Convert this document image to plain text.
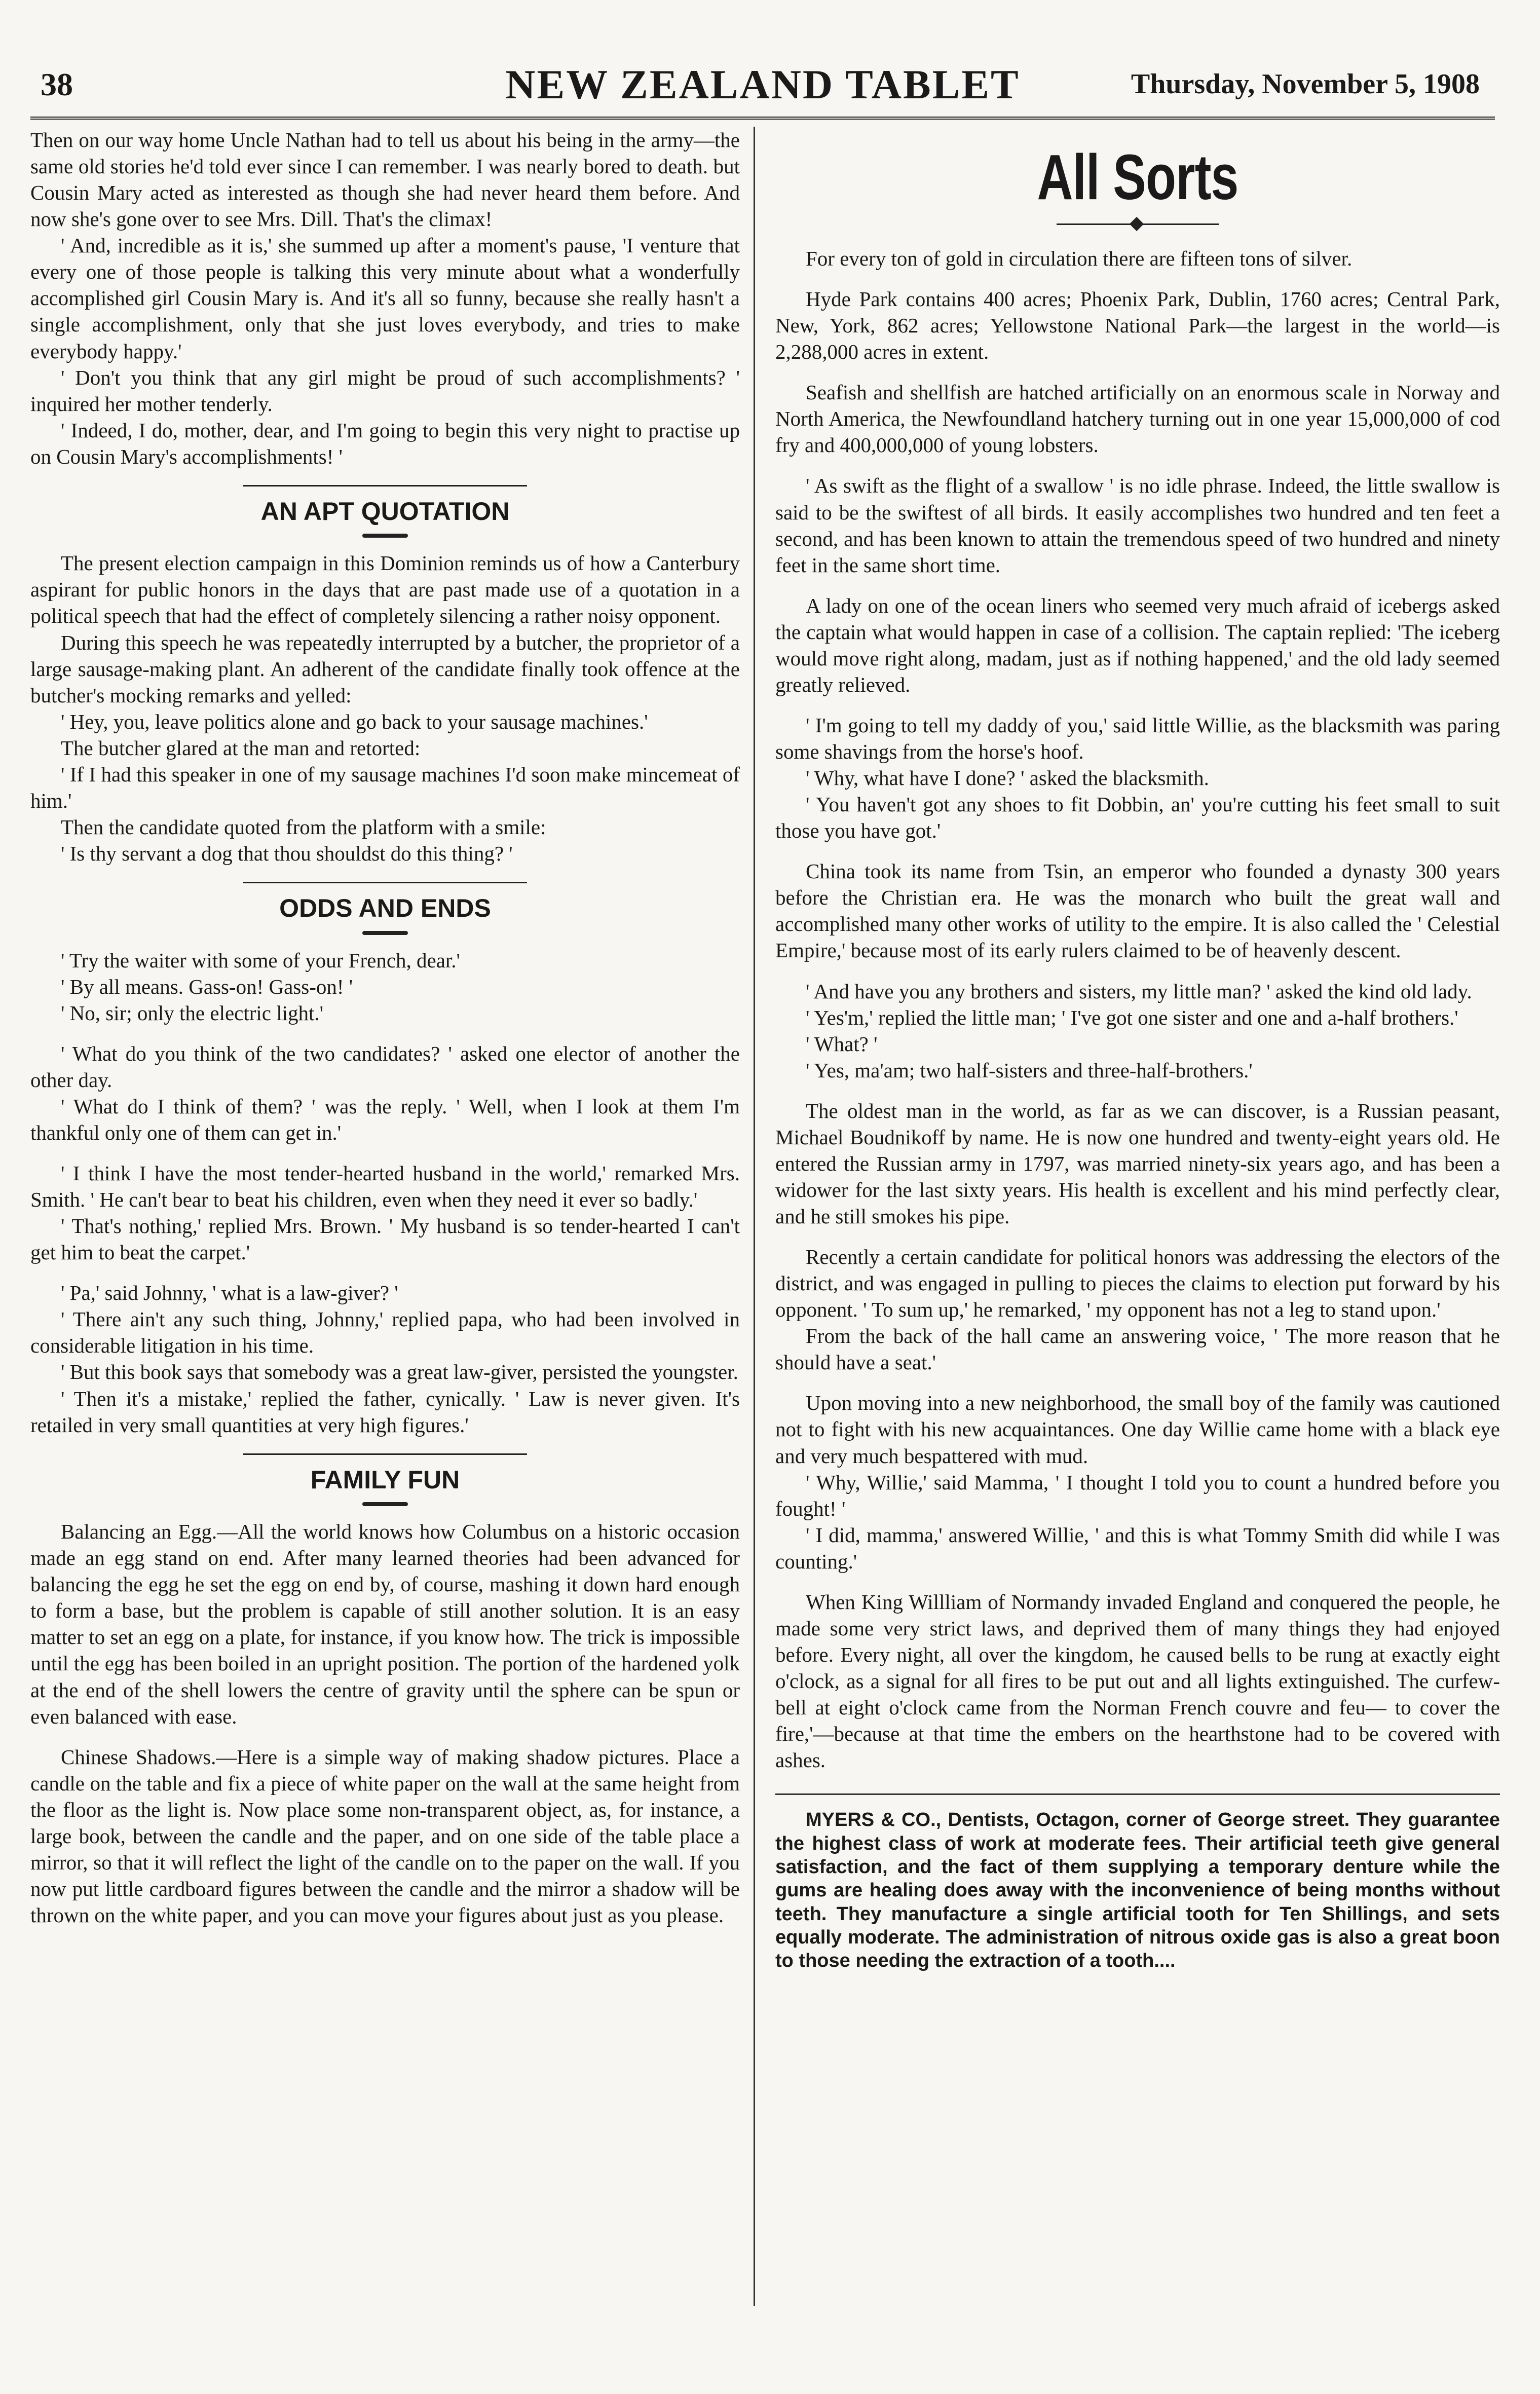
38	NEW ZEALAND TABLET	Thursday, November 5, 1908

Then on our way home Uncle Nathan had to tell us about his being in the army—the same old stories he'd told ever since I can remember. I was nearly bored to death. but Cousin Mary acted as interested as though she had never heard them before. And now she's gone over to see Mrs. Dill. That's the climax!

' And, incredible as it is,' she summed up after a moment's pause, 'I venture that every one of those people is talking this very minute about what a wonderfully accomplished girl Cousin Mary is. And it's all so funny, because she really hasn't a single accomplishment, only that she just loves everybody, and tries to make everybody happy.'

' Don't you think that any girl might be proud of such accomplishments? ' inquired her mother tenderly.

' Indeed, I do, mother, dear, and I'm going to begin this very night to practise up on Cousin Mary's accomplishments! '

AN APT QUOTATION

The present election campaign in this Dominion reminds us of how a Canterbury aspirant for public honors in the days that are past made use of a quotation in a political speech that had the effect of completely silencing a rather noisy opponent.

During this speech he was repeatedly interrupted by a butcher, the proprietor of a large sausage-making plant. An adherent of the candidate finally took offence at the butcher's mocking remarks and yelled:

' Hey, you, leave politics alone and go back to your sausage machines.'

The butcher glared at the man and retorted:

' If I had this speaker in one of my sausage machines I'd soon make mincemeat of him.'

Then the candidate quoted from the platform with a smile:

' Is thy servant a dog that thou shouldst do this thing? '

ODDS AND ENDS

' Try the waiter with some of your French, dear.'

' By all means. Gass-on! Gass-on! '

' No, sir; only the electric light.'

' What do you think of the two candidates? ' asked one elector of another the other day.

' What do I think of them? ' was the reply. ' Well, when I look at them I'm thankful only one of them can get in.'

' I think I have the most tender-hearted husband in the world,' remarked Mrs. Smith. ' He can't bear to beat his children, even when they need it ever so badly.'

' That's nothing,' replied Mrs. Brown. ' My husband is so tender-hearted I can't get him to beat the carpet.'

' Pa,' said Johnny, ' what is a law-giver? '

' There ain't any such thing, Johnny,' replied papa, who had been involved in considerable litigation in his time.

' But this book says that somebody was a great law-giver, persisted the youngster.

' Then it's a mistake,' replied the father, cynically. ' Law is never given. It's retailed in very small quantities at very high figures.'

FAMILY FUN

Balancing an Egg.—All the world knows how Columbus on a historic occasion made an egg stand on end. After many learned theories had been advanced for balancing the egg he set the egg on end by, of course, mashing it down hard enough to form a base, but the problem is capable of still another solution. It is an easy matter to set an egg on a plate, for instance, if you know how. The trick is impossible until the egg has been boiled in an upright position. The portion of the hardened yolk at the end of the shell lowers the centre of gravity until the sphere can be spun or even balanced with ease.

Chinese Shadows.—Here is a simple way of making shadow pictures. Place a candle on the table and fix a piece of white paper on the wall at the same height from the floor as the light is. Now place some non-transparent object, as, for instance, a large book, between the candle and the paper, and on one side of the table place a mirror, so that it will reflect the light of the candle on to the paper on the wall. If you now put little cardboard figures between the candle and the mirror a shadow will be thrown on the white paper, and you can move your figures about just as you please.

All Sorts

For every ton of gold in circulation there are fifteen tons of silver.

Hyde Park contains 400 acres; Phoenix Park, Dublin, 1760 acres; Central Park, New, York, 862 acres; Yellowstone National Park—the largest in the world—is 2,288,000 acres in extent.

Seafish and shellfish are hatched artificially on an enormous scale in Norway and North America, the Newfoundland hatchery turning out in one year 15,000,000 of cod fry and 400,000,000 of young lobsters.

' As swift as the flight of a swallow ' is no idle phrase. Indeed, the little swallow is said to be the swiftest of all birds. It easily accomplishes two hundred and ten feet a second, and has been known to attain the tremendous speed of two hundred and ninety feet in the same short time.

A lady on one of the ocean liners who seemed very much afraid of icebergs asked the captain what would happen in case of a collision. The captain replied: 'The iceberg would move right along, madam, just as if nothing happened,' and the old lady seemed greatly relieved.

' I'm going to tell my daddy of you,' said little Willie, as the blacksmith was paring some shavings from the horse's hoof.

' Why, what have I done? ' asked the blacksmith.

' You haven't got any shoes to fit Dobbin, an' you're cutting his feet small to suit those you have got.'

China took its name from Tsin, an emperor who founded a dynasty 300 years before the Christian era. He was the monarch who built the great wall and accomplished many other works of utility to the empire. It is also called the ' Celestial Empire,' because most of its early rulers claimed to be of heavenly descent.

' And have you any brothers and sisters, my little man? ' asked the kind old lady.

' Yes'm,' replied the little man; ' I've got one sister and one and a-half brothers.'

' What? '

' Yes, ma'am; two half-sisters and three-half-brothers.'

The oldest man in the world, as far as we can discover, is a Russian peasant, Michael Boudnikoff by name. He is now one hundred and twenty-eight years old. He entered the Russian army in 1797, was married ninety-six years ago, and has been a widower for the last sixty years. His health is excellent and his mind perfectly clear, and he still smokes his pipe.

Recently a certain candidate for political honors was addressing the electors of the district, and was engaged in pulling to pieces the claims to election put forward by his opponent. ' To sum up,' he remarked, ' my opponent has not a leg to stand upon.'

From the back of the hall came an answering voice, ' The more reason that he should have a seat.'

Upon moving into a new neighborhood, the small boy of the family was cautioned not to fight with his new acquaintances. One day Willie came home with a black eye and very much bespattered with mud.

' Why, Willie,' said Mamma, ' I thought I told you to count a hundred before you fought! '

' I did, mamma,' answered Willie, ' and this is what Tommy Smith did while I was counting.'

When King Willliam of Normandy invaded England and conquered the people, he made some very strict laws, and deprived them of many things they had enjoyed before. Every night, all over the kingdom, he caused bells to be rung at exactly eight o'clock, as a signal for all fires to be put out and all lights extinguished. The curfew-bell at eight o'clock came from the Norman French couvre and feu— to cover the fire,'—because at that time the embers on the hearthstone had to be covered with ashes.

MYERS & CO., Dentists, Octagon, corner of George street. They guarantee the highest class of work at moderate fees. Their artificial teeth give general satisfaction, and the fact of them supplying a temporary denture while the gums are healing does away with the inconvenience of being months without teeth. They manufacture a single artificial tooth for Ten Shillings, and sets equally moderate. The administration of nitrous oxide gas is also a great boon to those needing the extraction of a tooth....
